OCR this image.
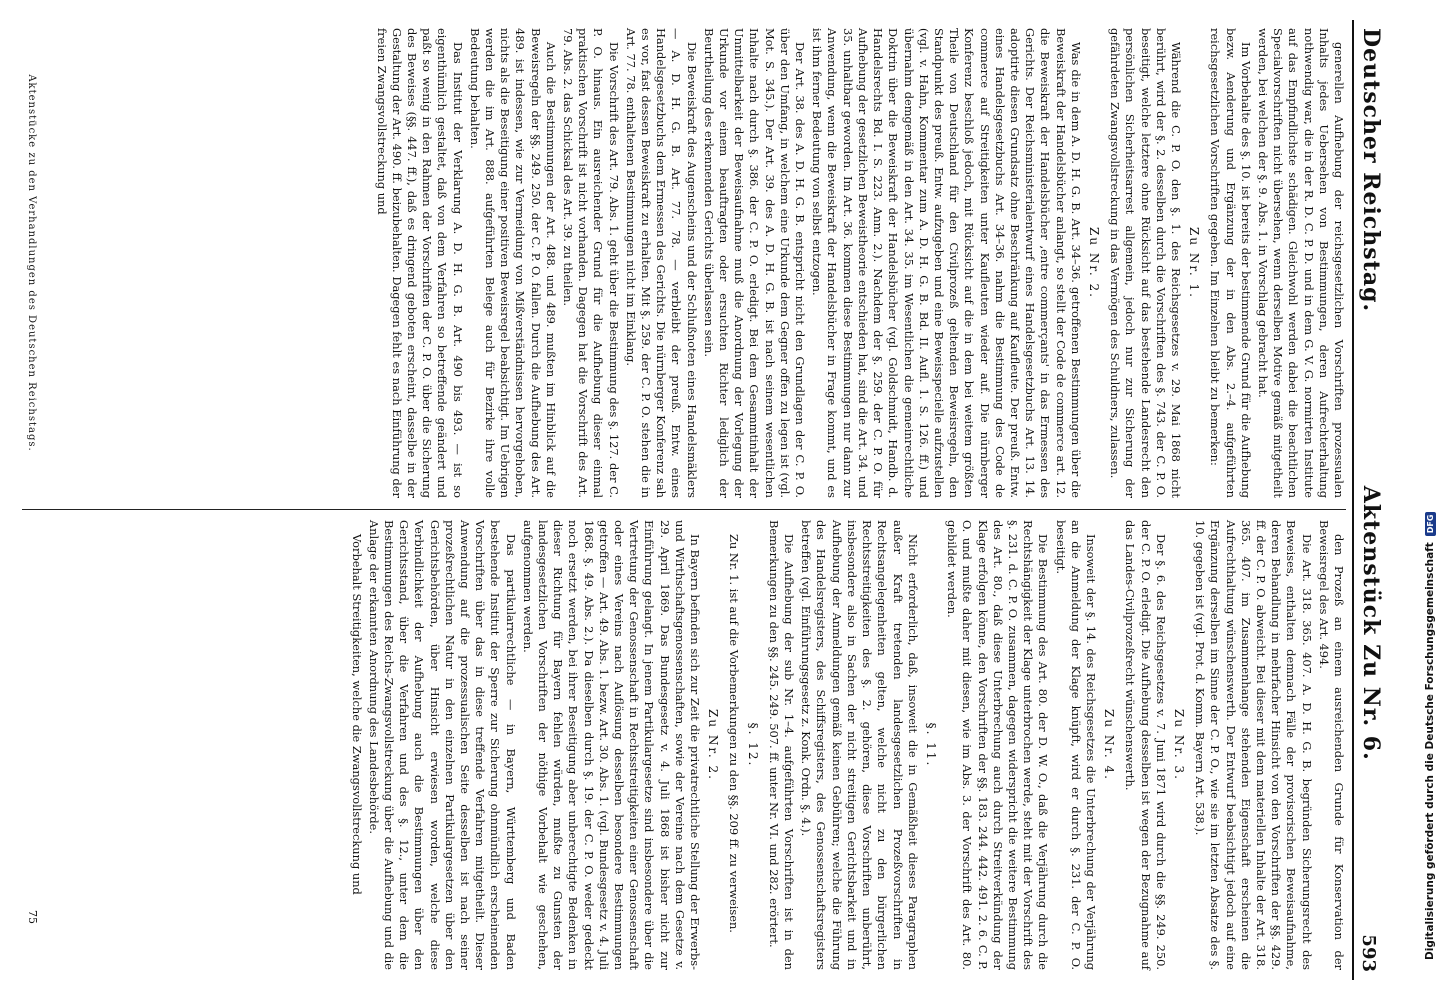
Deutscher Reichstag.
Aktenstück Zu Nr. 6.
593

generellen Aufhebung der reichsgesetzlichen Vorschriften prozessualen Inhalts jedes Uebersehen von Bestimmungen, deren Aufrechterhaltung nothwendig war, die in der R. D. C. P. D. und in dem G. V. G. normirten Institute auf das Empfindlichste schädigen. Gleichwohl werden dabei die beachtlichen Specialvorschriften nicht übersehen, wenn derselben Motive gemäß mitgetheilt werden, bei welchen der §. 9. Abs. 1. in Vorschlag gebracht hat.

Im Vorbehalte des §. 10. ist bereits der bestimmende Grund für die Aufhebung bezw. Aenderung und Ergänzung der in den Abs. 2.–4. aufgeführten reichsgesetzlichen Vorschriften gegeben. Im Einzelnen bleibt zu bemerken:

Zu Nr. 1.

Während die C. P. O. den §. 1. des Reichsgesetzes v. 29. Mai 1868 nicht berührt, wird der §. 2. desselben durch die Vorschriften des §. 743. der C. P. O. beseitigt, welche letztere ohne Rücksicht auf das bestehende Landesrecht den persönlichen Sicherheitsarrest allgemein, jedoch nur zur Sicherung der gefährdeten Zwangsvollstreckung in das Vermögen des Schuldners, zulassen.

Zu Nr. 2.

Was die in dem A. D. H. G. B. Art. 34–36. getroffenen Bestimmungen über die Beweiskraft der Handelsbücher anlangt, so stellt der Code de commerce art. 12. die Beweiskraft der Handelsbücher ,entre commerçants' in das Ermessen des Gerichts. Der Reichsministerialentwurf eines Handelsgesetzbuchs Art. 13. 14. adoptirte diesen Grundsatz ohne Beschränkung auf Kaufleute. Der preuß. Entw. eines Handelsgesetzbuchs Art. 34–36. nahm die Bestimmung des Code de commerce auf Streitigkeiten unter Kaufleuten wieder auf. Die nürnberger Konferenz beschloß jedoch, mit Rücksicht auf die in dem bei weitem größten Theile von Deutschland für den Civilprozeß geltenden Beweisregeln, den Standpunkt des preuß. Entw. aufzugeben und eine Beweisspecielle aufzustellen (vgl. v. Hahn, Kommentar zum A. D. H. G. B. Bd. II. Aufl. 1. S. 126. ff.) und übernahm demgemäß in den Art. 34. 35. im Wesentlichen die gemeinrechtliche Doktrin über die Beweiskraft der Handelsbücher (vgl. Goldschmidt, Handb. d. Handelsrechts Bd. I. S. 223. Anm. 2.). Nachdem der §. 259. der C. P. O. für Aufhebung der gesetzlichen Beweistheorie entschieden hat, sind die Art. 34. und 35. unhaltbar geworden. Im Art. 36. kommen diese Bestimmungen nur dann zur Anwendung, wenn die Beweiskraft der Handelsbücher in Frage kommt, und es ist ihm ferner Bedeutung von selbst entzogen.

Der Art. 38. des A. D. H. G. B. entspricht nicht den Grundlagen der C. P. O. über den Umfang, in welchem eine Urkunde dem Gegner offen zu legen ist (vgl. Mot. S. 345.). Der Art. 39. des A. D. H. G. B. ist nach seinem wesentlichen Inhalte nach durch §. 386. der C. P. O. erledigt. Bei dem Gesammtinhalt der Unmittelbarkeit der Beweisaufnahme muß die Anordnung der Vorlegung der Urkunde vor einem beauftragten oder ersuchten Richter lediglich der Beurtheilung des erkennenden Gerichts überlassen sein.

Die Beweiskraft des Augenscheins und der Schlußnoten eines Handelsmäklers — A. D. H. G. B. Art. 77. 78. — verbleibt der preuß. Entw. eines Handelsgesetzbuchs dem Ermessen des Gerichts. Die nürnberger Konferenz sah es vor, fast dessen Beweiskraft zu erhalten. Mit §. 259. der C. P. O. stehen die in Art. 77. 78. enthaltenen Bestimmungen nicht im Einklang.

Die Vorschrift des Art. 79. Abs. 1. geht über die Bestimmung des §. 127. der C. P. O. hinaus. Ein ausreichender Grund für die Aufhebung dieser einmal praktischen Vorschrift ist nicht vorhanden. Dagegen hat die Vorschrift des Art. 79. Abs. 2. das Schicksal des Art. 39. zu theilen.

Auch die Bestimmungen der Art. 488. und 489. mußten im Hinblick auf die Beweisregeln der §§. 249. 250. der C. P. O. fallen. Durch die Aufhebung des Art. 489. ist indessen, wie zur Vermeidung von Mißverständnissen hervorgehoben, nichts als die Beseitigung einer positiven Beweisregel beabsichtigt. Im Uebrigen werden die im Art. 888. aufgeführten Belege auch für Bezirke ihre volle Bedeutung behalten.

Das Institut der Verklarung A. D. H. G. B. Art. 490 bis 493. — ist so eigenthümlich gestaltet, daß von dem Verfahren so betreffende geändert und paßt so wenig in den Rahmen der Vorschriften der C. P. O. über die Sicherung des Beweises (§§. 447. ff.), daß es dringend geboten erscheint, dasselbe in der Gestaltung der Art. 490. ff. beizubehalten. Dagegen fehlt es nach Einführung der freien Zwangsvollstreckung und

den Prozeß an einem ausreichenden Grunde für Konservation der Beweisregel des Art. 494.

Die Art. 318. 365. 407. A. D. H. G. B. begründen Sicherungsrecht des Beweises, enthalten demnach Fälle der provisorischen Beweisaufnahme, deren Behandlung in mehrfacher Hinsicht von den Vorschriften der §§. 429. ff. der C. P. O. abweicht. Bei dieser mit dem materiellen Inhalte der Art. 318. 365. 407. im Zusammenhange stehenden Eigenschaft erscheinen die Aufrechthaltung wünschenswerth. Der Entwurf beabsichtigt jedoch auf eine Ergänzung derselben im Sinne der C. P. O., wie sie im letzten Absatze des §. 10. gegeben ist (vgl. Prot. d. Komm. Bayern Art. 538.).

Zu Nr. 3.

Der §. 6. des Reichsgesetzes v. 7. Juni 1871 wird durch die §§. 249. 250. der C. P. O. erledigt. Die Aufhebung desselben ist wegen der Bezugnahme auf das Landes-Civilprozeßrecht wünschenswerth.

Zu Nr. 4.

Insoweit der §. 14. des Reichsgesetzes die Unterbrechung der Verjährung an die Anmeldung der Klage knüpft, wird er durch §. 231. der C. P. O. beseitigt.

Die Bestimmung des Art. 80. der D. W. O., daß die Verjährung durch die Rechtshängigkeit der Klage unterbrochen werde, steht mit der Vorschrift des §. 231. d. C. P. O. zusammen, dagegen widerspricht die weitere Bestimmung des Art. 80., daß diese Unterbrechung auch durch Streitverkündung der Klage erfolgen könne, den Vorschriften der §§. 183. 244. 442. 491. 2. 6. C. P. O. und mußte daher mit diesen, wie im Abs. 3. der Vorschrift des Art. 80. gebildet werden.

§. 11.

Nicht erforderlich, daß, insoweit die in Gemäßheit dieses Paragraphen außer Kraft tretenden landesgesetzlichen Prozeßvorschriften in Rechtsangelegenheiten gelten, welche nicht zu den bürgerlichen Rechtsstreitigkeiten des §. 2. gehören, diese Vorschriften unberührt, insbesondere also in Sachen der nicht streitigen Gerichtsbarkeit und in Aufhebung der Anmeldungen gemäß keinen Gebühren; welche die Führung des Handelsregisters, des Schiffsregisters, des Genossenschaftsregisters betreffen (vgl. Einführungsgesetz z. Konk. Ordn. §. 4.).

Die Aufhebung der sub Nr. 1–4. aufgeführten Vorschriften ist in den Bemerkungen zu den §§. 245. 249. 507. ff. unter Nr. VI. und 282. erörtert.

§. 12.

Zu Nr. 1. ist auf die Vorbemerkungen zu den §§. 209 ff. zu verweisen.

Zu Nr. 2.

In Bayern befinden sich zur Zeit die privatrechtliche Stellung der Erwerbs- und Wirthschaftsgenossenschaften, sowie der Vereine nach dem Gesetze v. 29. April 1869. Das Bundesgesetz v. 4. Juli 1868 ist bisher nicht zur Einführung gelangt. In jenem Partikulargesetze sind insbesondere über die Vertretung der Genossenschaft in Rechtsstreitigkeiten einer Genossenschaft oder eines Vereins nach Auflösung desselben besondere Bestimmungen getroffen — Art. 49. Abs. 1. bezw. Art. 30. Abs. 1. (vgl. Bundesgesetz v. 4. Juli 1868. §. 49. Abs. 2.). Da dieselben durch §. 19. der C. P. O. weder gedeckt noch ersetzt werden, bei ihrer Beseitigung aber unberechtigte Bedenken in dieser Richtung für Bayern fehlen würden, mußte zu Gunsten der landesgesetzlichen Vorschriften der nöthige Vorbehalt wie geschehen, aufgenommen werden.

Das partikularrechtliche — in Bayern, Württemberg und Baden bestehende Institut der Sperre zur Sicherung ohnmündlich erscheinenden Vorschriften über das in diese treffende Verfahren mitgetheilt. Dieser Anwendung auf die prozessualischen Seite desselben ist nach seiner prozeßrechtlichen Natur in den einzelnen Partikulargesetzen über den Gerichtsbehörden, über Hinsicht erwiesen worden, welche diese Verbindlichkeit der Aufhebung auch die Bestimmungen über den Gerichtsstand, über die Verfahren und des §. 12., unter dem die Bestimmungen des Reichs-Zwangsvollstreckung über die Aufhebung und die Anlage der erkannten Anordnung des Landesbehörde.

Vorbehalt Streitigkeiten, welche die Zwangsvollstreckung und

Aktenstücke zu den Verhandlungen des Deutschen Reichstags.
75	Digitalisierung gefördert durch die Deutsche Forschungsgemeinschaft
DFG
